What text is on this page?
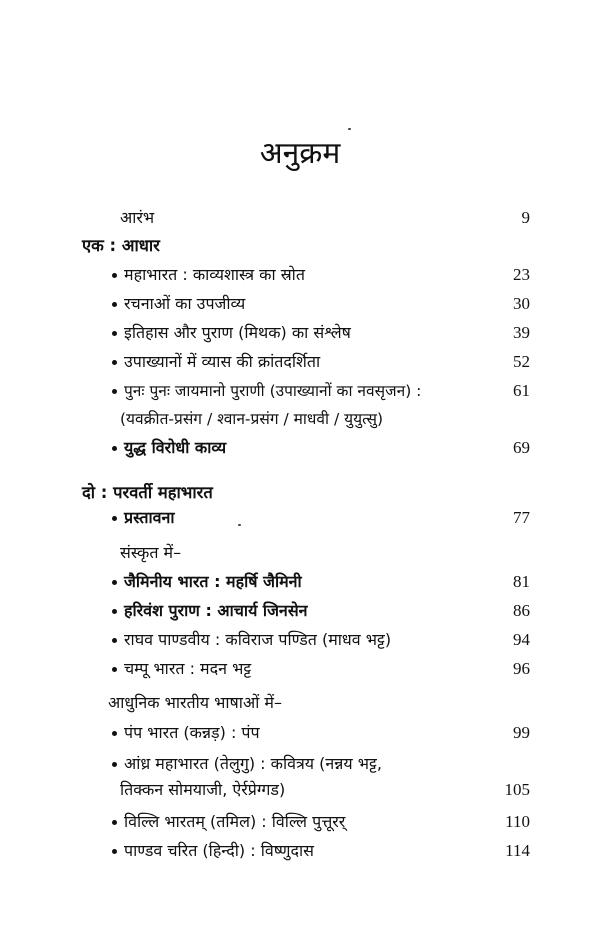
अनुक्रम
आरंभ	9
एक : आधार
महाभारत : काव्यशास्त्र का स्रोत	23
रचनाओं का उपजीव्य	30
इतिहास और पुराण (मिथक) का संश्लेष	39
उपाख्यानों में व्यास की क्रांतदर्शिता	52
पुनः पुनः जायमानो पुराणी (उपाख्यानों का नवसृजन) :	61
(यवक्रीत-प्रसंग / श्वान-प्रसंग / माधवी / युयुत्सु)
युद्ध विरोधी काव्य	69
दो : परवर्ती महाभारत
प्रस्तावना	77
संस्कृत में–
जैमिनीय भारत : महर्षि जैमिनी	81
हरिवंश पुराण : आचार्य जिनसेन	86
राघव पाण्डवीय : कविराज पण्डित (माधव भट्ट)	94
चम्पू भारत : मदन भट्ट	96
आधुनिक भारतीय भाषाओं में–
पंप भारत (कन्नड़) : पंप	99
आंध्र महाभारत (तेलुगु) : कवित्रय (नन्नय भट्ट,
तिक्कन सोमयाजी, ऐर्रप्रेग्गड)	105
विल्लि भारतम् (तमिल) : विल्लि पुत्तूरर्	110
पाण्डव चरित (हिन्दी) : विष्णुदास	114
